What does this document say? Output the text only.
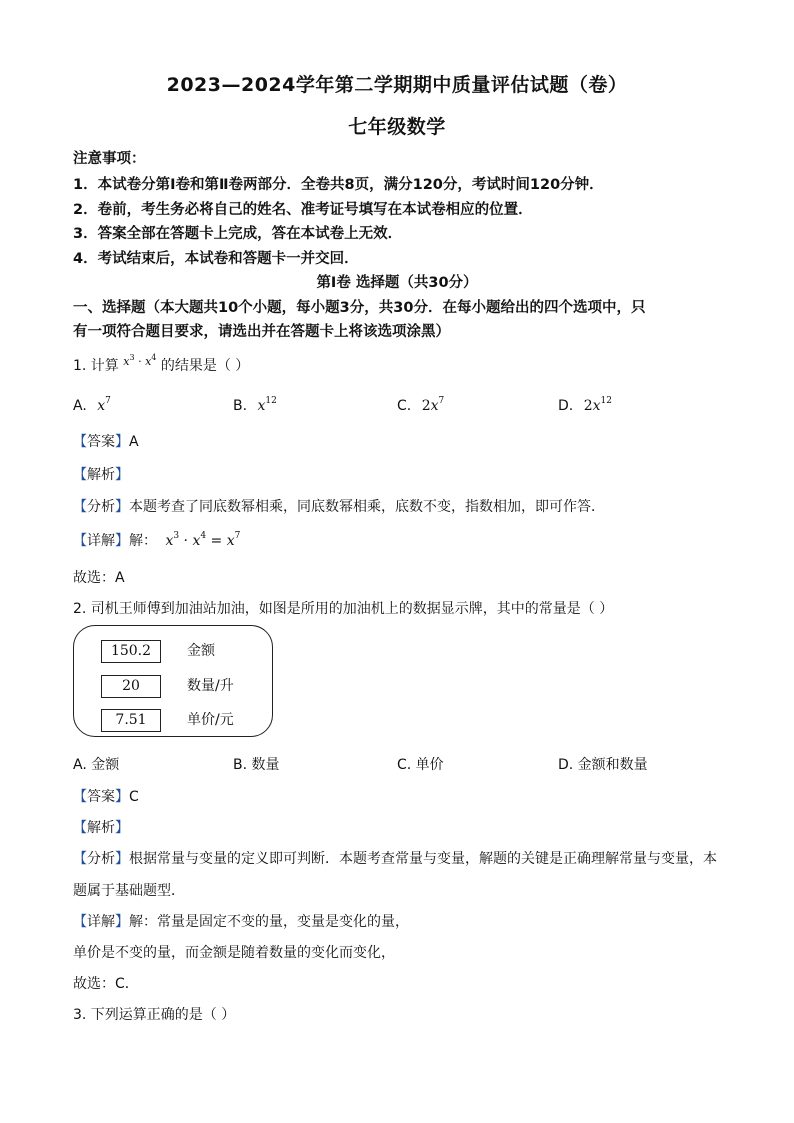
2023—2024学年第二学期期中质量评估试题（卷）
七年级数学
注意事项：
1．本试卷分第Ⅰ卷和第Ⅱ卷两部分．全卷共8页，满分120分，考试时间120分钟．
2．卷前，考生务必将自己的姓名、准考证号填写在本试卷相应的位置．
3．答案全部在答题卡上完成，答在本试卷上无效．
4．考试结束后，本试卷和答题卡一并交回．
第Ⅰ卷 选择题（共30分）
一、选择题（本大题共10个小题，每小题3分，共30分．在每小题给出的四个选项中，只
有一项符合题目要求，请选出并在答题卡上将该选项涂黑）
1. 计算 $^{x^3 \cdot x^4}$ 的结果是（ ）
A. $x^7$	B. $x^{12}$	C. $2x^7$	D. $2x^{12}$
【答案】A
【解析】
【分析】本题考查了同底数幂相乘，同底数幂相乘，底数不变，指数相加，即可作答．
【详解】解： $x^3 \cdot x^4 = x^7$
故选：A
2. 司机王师傅到加油站加油，如图是所用的加油机上的数据显示牌，其中的常量是（ ）
150.2	金额
20	数量/升
7.51	单价/元
A. 金额	B. 数量	C. 单价	D. 金额和数量
【答案】C
【解析】
【分析】根据常量与变量的定义即可判断．本题考查常量与变量，解题的关键是正确理解常量与变量，本
题属于基础题型．
【详解】解：常量是固定不变的量，变量是变化的量，
单价是不变的量，而金额是随着数量的变化而变化，
故选：C．
3. 下列运算正确的是（ ）
